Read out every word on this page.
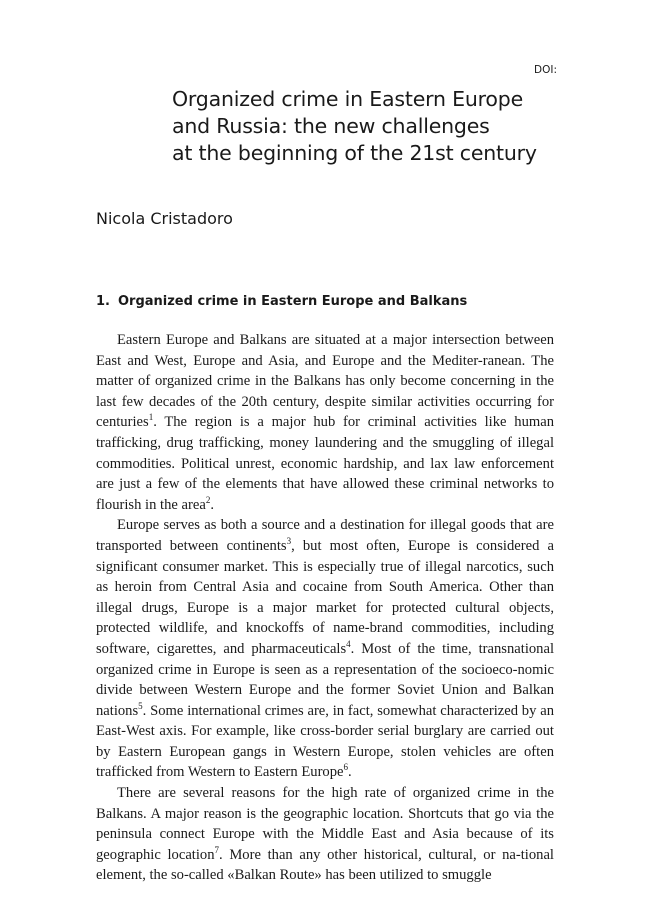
DOI:
Organized crime in Eastern Europe
and Russia: the new challenges
at the beginning of the 21st century
Nicola Cristadoro
1. Organized crime in Eastern Europe and Balkans

Eastern Europe and Balkans are situated at a major intersection between East and West, Europe and Asia, and Europe and the Mediter-ranean. The matter of organized crime in the Balkans has only become concerning in the last few decades of the 20th century, despite similar activities occurring for centuries$^1$. The region is a major hub for criminal activities like human trafficking, drug trafficking, money laundering and the smuggling of illegal commodities. Political unrest, economic hardship, and lax law enforcement are just a few of the elements that have allowed these criminal networks to flourish in the area$^2$.

Europe serves as both a source and a destination for illegal goods that are transported between continents$^3$, but most often, Europe is considered a significant consumer market. This is especially true of illegal narcotics, such as heroin from Central Asia and cocaine from South America. Other than illegal drugs, Europe is a major market for protected cultural objects, protected wildlife, and knockoffs of name-brand commodities, including software, cigarettes, and pharmaceuticals$^4$. Most of the time, transnational organized crime in Europe is seen as a representation of the socioeco-nomic divide between Western Europe and the former Soviet Union and Balkan nations$^5$. Some international crimes are, in fact, somewhat characterized by an East-West axis. For example, like cross-border serial burglary are carried out by Eastern European gangs in Western Europe, stolen vehicles are often trafficked from Western to Eastern Europe$^6$.

There are several reasons for the high rate of organized crime in the Balkans. A major reason is the geographic location. Shortcuts that go via the peninsula connect Europe with the Middle East and Asia because of its geographic location$^7$. More than any other historical, cultural, or na-tional element, the so-called «Balkan Route» has been utilized to smuggle
